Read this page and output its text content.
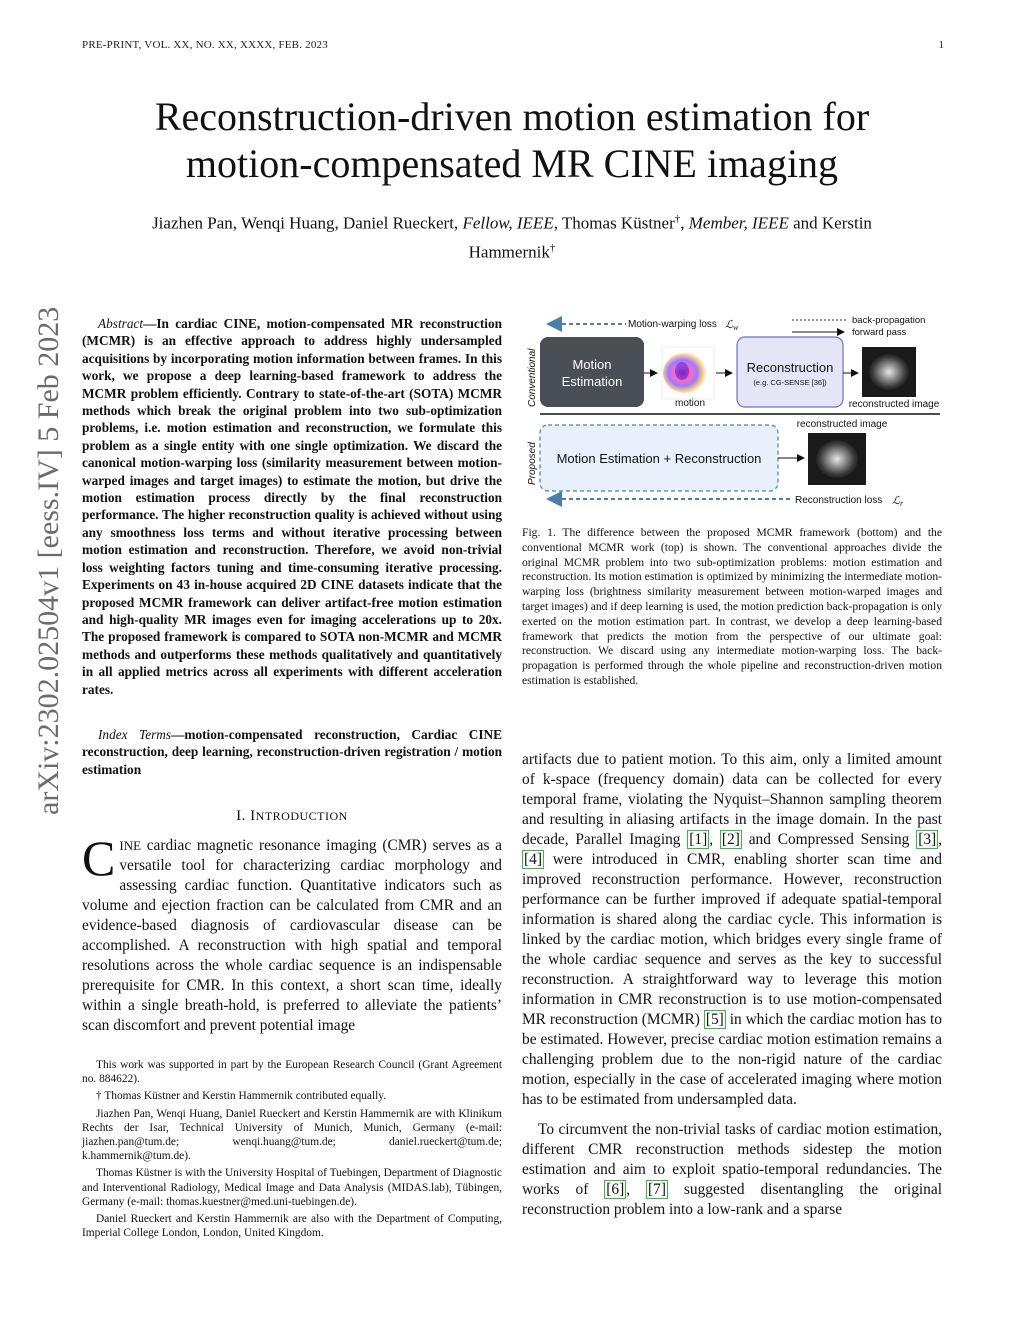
PRE-PRINT, VOL. XX, NO. XX, XXXX, FEB. 2023	1
Reconstruction-driven motion estimation for
motion-compensated MR CINE imaging
Jiazhen Pan, Wenqi Huang, Daniel Rueckert, Fellow, IEEE, Thomas Küstner†, Member, IEEE and Kerstin
Hammernik†
arXiv:2302.02504v1 [eess.IV] 5 Feb 2023	Abstract—In cardiac CINE, motion-compensated MR reconstruction (MCMR) is an effective approach to address highly undersampled acquisitions by incorporating motion information between frames. In this work, we propose a deep learning-based framework to address the MCMR problem efficiently. Contrary to state-of-the-art (SOTA) MCMR methods which break the original problem into two sub-optimization problems, i.e. motion estimation and reconstruction, we formulate this problem as a single entity with one single optimization. We discard the canonical motion-warping loss (similarity measurement between motion-warped images and target images) to estimate the motion, but drive the motion estimation process directly by the final reconstruction performance. The higher reconstruction quality is achieved without using any smoothness loss terms and without iterative processing between motion estimation and reconstruction. Therefore, we avoid non-trivial loss weighting factors tuning and time-consuming iterative processing. Experiments on 43 in-house acquired 2D CINE datasets indicate that the proposed MCMR framework can deliver artifact-free motion estimation and high-quality MR images even for imaging accelerations up to 20x. The proposed framework is compared to SOTA non-MCMR and MCMR methods and outperforms these methods qualitatively and quantitatively in all applied metrics across all experiments with different acceleration rates.
Index Terms—motion-compensated reconstruction, Cardiac CINE reconstruction, deep learning, reconstruction-driven registration / motion estimation
I. INTRODUCTION
CINE cardiac magnetic resonance imaging (CMR) serves as a versatile tool for characterizing cardiac morphology and assessing cardiac function. Quantitative indicators such as volume and ejection fraction can be calculated from CMR and an evidence-based diagnosis of cardiovascular disease can be accomplished. A reconstruction with high spatial and temporal resolutions across the whole cardiac sequence is an indispensable prerequisite for CMR. In this context, a short scan time, ideally within a single breath-hold, is preferred to alleviate the patients’ scan discomfort and prevent potential image

This work was supported in part by the European Research Council (Grant Agreement no. 884622).

† Thomas Küstner and Kerstin Hammernik contributed equally.

Jiazhen Pan, Wenqi Huang, Daniel Rueckert and Kerstin Hammernik are with Klinikum Rechts der Isar, Technical University of Munich, Munich, Germany (e-mail: jiazhen.pan@tum.de; wenqi.huang@tum.de; daniel.rueckert@tum.de; k.hammernik@tum.de).

Thomas Küstner is with the University Hospital of Tuebingen, Department of Diagnostic and Interventional Radiology, Medical Image and Data Analysis (MIDAS.lab), Tübingen, Germany (e-mail: thomas.kuestner@med.uni-tuebingen.de).

Daniel Rueckert and Kerstin Hammernik are also with the Department of Computing, Imperial College London, London, United Kingdom.

back-propagation
forward pass
Motion-warping loss ℒ w
Conventional
Proposed
Motion
Estimation
motion
Reconstruction
(e.g. CG-SENSE [36])
reconstructed image
reconstructed image
Motion Estimation + Reconstruction
Reconstruction loss ℒ r
Fig. 1. The difference between the proposed MCMR framework (bottom) and the conventional MCMR work (top) is shown. The conventional approaches divide the original MCMR problem into two sub-optimization problems: motion estimation and reconstruction. Its motion estimation is optimized by minimizing the intermediate motion-warping loss (brightness similarity measurement between motion-warped images and target images) and if deep learning is used, the motion prediction back-propagation is only exerted on the motion estimation part. In contrast, we develop a deep learning-based framework that predicts the motion from the perspective of our ultimate goal: reconstruction. We discard using any intermediate motion-warping loss. The back-propagation is performed through the whole pipeline and reconstruction-driven motion estimation is established.

artifacts due to patient motion. To this aim, only a limited amount of k-space (frequency domain) data can be collected for every temporal frame, violating the Nyquist–Shannon sampling theorem and resulting in aliasing artifacts in the image domain. In the past decade, Parallel Imaging [1] , [2] and Compressed Sensing [3] , [4] were introduced in CMR, enabling shorter scan time and improved reconstruction performance. However, reconstruction performance can be further improved if adequate spatial-temporal information is shared along the cardiac cycle. This information is linked by the cardiac motion, which bridges every single frame of the whole cardiac sequence and serves as the key to successful reconstruction. A straightforward way to leverage this motion information in CMR reconstruction is to use motion-compensated MR reconstruction (MCMR) [5] in which the cardiac motion has to be estimated. However, precise cardiac motion estimation remains a challenging problem due to the non-rigid nature of the cardiac motion, especially in the case of accelerated imaging where motion has to be estimated from undersampled data.

To circumvent the non-trivial tasks of cardiac motion estimation, different CMR reconstruction methods sidestep the motion estimation and aim to exploit spatio-temporal redundancies. The works of [6] , [7] suggested disentangling the original reconstruction problem into a low-rank and a sparse
